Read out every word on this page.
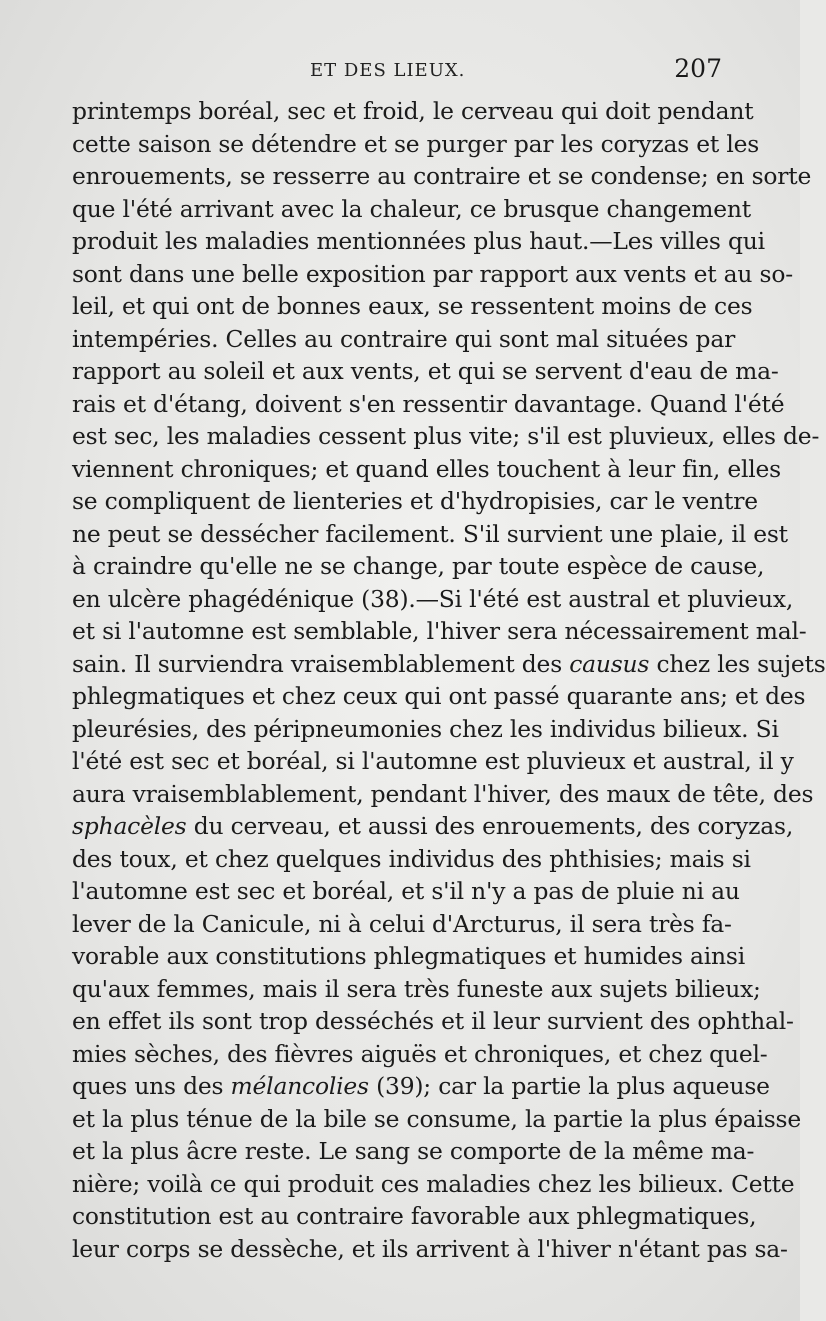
ET DES LIEUX.	207
printemps boréal, sec et froid, le cerveau qui doit pendant
cette saison se détendre et se purger par les coryzas et les
enrouements, se resserre au contraire et se condense; en sorte
que l'été arrivant avec la chaleur, ce brusque changement
produit les maladies mentionnées plus haut.—Les villes qui
sont dans une belle exposition par rapport aux vents et au so-
leil, et qui ont de bonnes eaux, se ressentent moins de ces
intempéries. Celles au contraire qui sont mal situées par
rapport au soleil et aux vents, et qui se servent d'eau de ma-
rais et d'étang, doivent s'en ressentir davantage. Quand l'été
est sec, les maladies cessent plus vite; s'il est pluvieux, elles de-
viennent chroniques; et quand elles touchent à leur fin, elles
se compliquent de lienteries et d'hydropisies, car le ventre
ne peut se dessécher facilement. S'il survient une plaie, il est
à craindre qu'elle ne se change, par toute espèce de cause,
en ulcère phagédénique (38).—Si l'été est austral et pluvieux,
et si l'automne est semblable, l'hiver sera nécessairement mal-
sain. Il surviendra vraisemblablement des causus chez les sujets
phlegmatiques et chez ceux qui ont passé quarante ans; et des
pleurésies, des péripneumonies chez les individus bilieux. Si
l'été est sec et boréal, si l'automne est pluvieux et austral, il y
aura vraisemblablement, pendant l'hiver, des maux de tête, des
sphacèles du cerveau, et aussi des enrouements, des coryzas,
des toux, et chez quelques individus des phthisies; mais si
l'automne est sec et boréal, et s'il n'y a pas de pluie ni au
lever de la Canicule, ni à celui d'Arcturus, il sera très fa-
vorable aux constitutions phlegmatiques et humides ainsi
qu'aux femmes, mais il sera très funeste aux sujets bilieux;
en effet ils sont trop desséchés et il leur survient des ophthal-
mies sèches, des fièvres aiguës et chroniques, et chez quel-
ques uns des mélancolies (39); car la partie la plus aqueuse
et la plus ténue de la bile se consume, la partie la plus épaisse
et la plus âcre reste. Le sang se comporte de la même ma-
nière; voilà ce qui produit ces maladies chez les bilieux. Cette
constitution est au contraire favorable aux phlegmatiques,
leur corps se dessèche, et ils arrivent à l'hiver n'étant pas sa-
